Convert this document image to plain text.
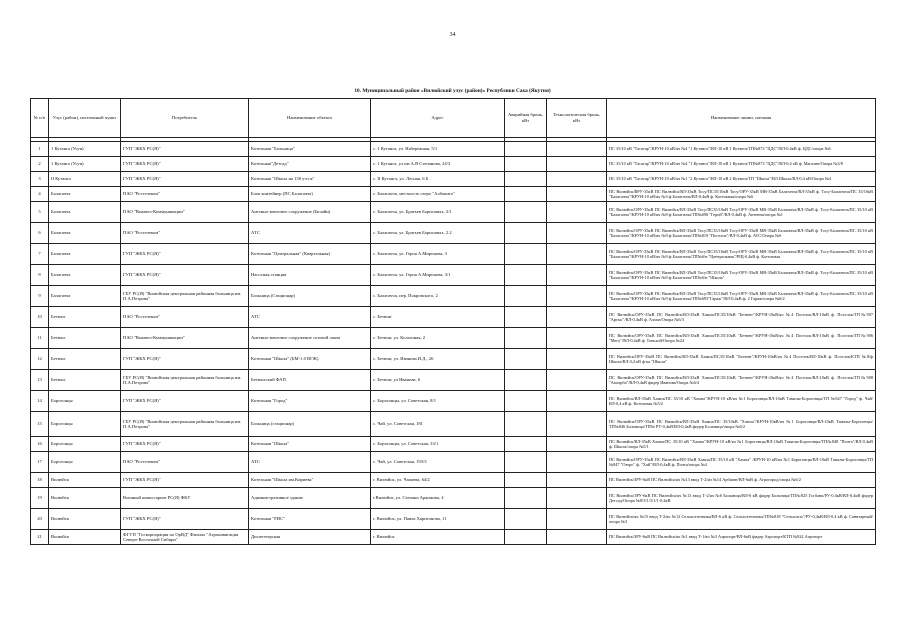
34
10. Муниципальный район «Вилюйский улус (район)» Республики Саха (Якутия)
№ п/п	Улус (район), населенный пункт	Потребитель	Наименование объекта	Адрес	Аварийная бронь, кВт	Технологическая бронь, кВт	Наименование линии, питания

1	1 Кутанга (Усун)	ГУП "ЖКХ РС(Я)"	Котельная "Больница"	с. 1 Кутанга, ул. Набережная, 5/1			ПС 35/10 кВ "Тасагар"/КРУН-10 кВ/яч №4 "1 Кутанга"/ВЛ-10 кВ 1 Кутанга/ТП№873 "ЦДС"/ВЛ-0,4кВ ф. ЦДС/опора №6
2	1 Кутанга (Усун)	ГУП "ЖКХ РС(Я)"	Котельная"Детсад"	с. 1 Кутанга, ул им А.В Степанова, 24/3			ПС 35/10 кВ "Тасагар"/КРУН-10 кВ/яч №4 "1 Кутанга"/ВЛ-10 кВ 1 Кутанга/ТП№873 "ЦДС"/ВЛ-0,4 кВ ф. Магазин/Опора №3/8
3	II Кутанга	ГУП "ЖКХ РС(Я)"	Котельная "Школа на 130 уч-ся"	с. II Кутанга, ул. Лесная, 6 Б			ПС 35/10 кВ "Тасагар"/КРУН-10 кВ/яч №1 "2 Кутанга"/ВЛ-10 кВ 2 Кутанга/ТП "Школа"/ВЛ Школа/ВЛ-0,4 кВ/Опора №4
4	Балагачча	ПАО "Ростелеком"	Блок контейнер (ПС Балагачча)	с. Балагачча, местность озеро "Албакито"			ПС Вилюйск/ВРУ-35кВ ПС Вилюйск/ВЛ-35кВ Тосу/ПС35/10кВ Тосу/ОРУ-35кВ МВ-35кВ Балагачча/ВЛ-35кВ ф. Тосу-Балагачча/ПС 35/10кВ "Балагачча"/КРУН-10 кВ/яч №3 ф Балагачча/ВЛ-0,4кВ ф. Котельная/опора №6
5	Балагачча	ПАО "Вымпел-Коммуникации"	Антенно-мачтовое сооружение (Билайн)	с. Балагачча, ул. Братьев Борисовых, 2/1			ПС Вилюйск/ОРУ-35кВ ПС Вилюйск/ВЛ-35кВ Тосу/ПС35/10кВ Тосу/ОРУ-35кВ МВ-35кВ Балагачча/ВЛ-35кВ ф. Тосу-Балагачча/ПС 35/10 кВ "Балагачча"/КРУН-10 кВ/яч №9 ф Балагачча/ТП№690 "Герой"/ВЛ-0,4кВ ф. Антенна/опора №1
6	Балагачча	ПАО "Ростелеком"	АТС	с. Балагачча, ул. Братьев Борисовых, 2.2			ПС Вилюйск/ОРУ-35кВ ПС Вилюйск/ВЛ-35кВ Тосу/ПС35/10кВ Тосу/ОРУ-35кВ МВ-35кВ Балагачча/ВЛ-35кВ ф. Тосу-Балагачча/ПС 35/10 кВ "Балагачча"/КРУН-10 кВ/яч №9 ф Балагачча/ТП№819 "Поселок"/ВЛ-0,4кВ ф. АТС/Опора №6
7	Балагачча	ГУП "ЖКХ РС(Я)"	Котельная "Центральная" (Квартальная)	с. Балагачча, ул. Героя А.Миронова, 3			ПС Вилюйск/ОРУ-35кВ ПС Вилюйск/ВЛ-35кВ Тосу/ПС35/10кВ Тосу/ОРУ-35кВ МВ-35кВ Балагачча/ВЛ-35кВ ф. Тосу-Балагачча/ПС 35/10 кВ "Балагачча"/КРУН-10 кВ/яч №9 ф Балагачча/ТП№б/н "Центральная"/РЩ-0,4кВ ф. Котельная
8	Балагачча	ГУП "ЖКХ РС(Я)"	Насосная станция	с. Балагачча, ул. Героя А.Миронова, 3/1			ПС Вилюйск/ОРУ-35кВ ПС Вилюйск/ВЛ-35кВ Тосу/ПС35/10кВ Тосу/ОРУ-35кВ МВ-35кВ Балагачча/ВЛ-35кВ ф. Тосу-Балагачча/ПС 35/10 кВ "Балагачча"/КРУН-10 кВ/яч №9 ф Балагачча/ТП№б/н "Школа"
9	Балагачча	ГБУ РС(Я) "Вилюйская центральная районная больница им. П.А.Петрова"	Больница (Стационар)	с. Балагачча, пер. Покровского, 2			ПС Вилюйск/ОРУ-35кВ ПС Вилюйск/ВЛ-35кВ Тосу/ПС35/10кВ Тосу/ОРУ-35кВ МВ-35кВ Балагачча/ВЛ-35кВ ф. Тосу-Балагачча/ПС 35/10 кВ "Балагачча"/КРУН-10 кВ/яч №9 ф Балагачча/ТП№693"Гараж"/ВЛ-0,4кВ ф. 2 Гараж/опора №6/2
10	Бетюнг	ПАО "Ростелеком"	АТС	с. Бетюнг			ПС Вилюйск/ОРУ-35кВ ПС Вилюйск/ВЛ-35кВ Хампа/ПС35/10кВ "Бетюнг"/КРУН-10кВ/яч №4 Поселок/ВЛ-10кВ ф. Поселок/ТП№907 "Аргыс"/ВЛ-0,4кВ ф. Алмаз/Опора №6/3
11	Бетюнг	ПАО "Вымпел-Коммуникации"	Антенно-мачтовое сооружение сотовой связи	с. Бетюнг, ул. Колхозная, 2			ПС Вилюйск/ОРУ-35кВ ПС Вилюйск/ВЛ-35кВ Хампа/ПС35/10кВ "Бетюнг"/КРУН-10кВ/яч №4 Поселок/ВЛ-10кВ ф. Поселок/ТП№906 "Мегу"/ВЛ-0,4кВ ф. Тоньхой/Опора №24
12	Бетюнг	ГУП "ЖКХ РС(Я)"	Котельная "Школа" (БМ-1.0 ВГЖ)	с. Бетюнг, ул. Иванова И.Д., 26			ПС Вилюйск/ОРУ-35кВ ПС Вилюйск/ВЛ-35кВ Хампа/ПС35/10кВ "Бетюнг"/КРУН-10кВ/яч №4 Поселок/ВЛ-10кВ ф. Поселок/КТП №8/ф Школа/ВЛ-0,4 кВ ф-ка "Школа"
13	Бетюнг	ГБУ РС(Я) "Вилюйская центральная районная больница им. П.А.Петрова"	Бетюнгский ФАП	с. Бетюнг, ул Иванова, 6			ПС Вилюйск/ОРУ-35кВ ПС Вилюйск/ВЛ-35кВ Хампа/ПС35/10кВ "Бетюнг"/КРУН-10кВ/яч №4 Поселок/ВЛ-10кВ ф. Поселок/ТП№908 "Амгарба"/ВЛ-0,4кВ фидер Иванова/Опора №6/4
14	Борогонцы	ГУП "ЖКХ РС(Я)"	Котельная "Город"	с. Борогонцы, ул. Советская, 8/1			ПС Вилюйск/ВЛ-35кВ Хампа/ПС 35/10 кВ "Хампа"/КРУН-10 кВ/яч №1 Борогонцы/ВЛ-10кВ Тамалы-Борогонцы/ТП №847 "Город" ф. Чай/ВЛ-0,4 кВ ф. Котельная №5/2
15	Борогонцы	ГБУ РС(Я) "Вилюйская центральная районная больница им. П.А.Петрова"	Больница (стационар)	с. Чай, ул. Советская, 181			ПС Вилюйск/ОРУ-35кВ ПС Вилюйск/ВЛ-35кВ Хампа/ПС 35/10кВ "Хампа"/КРУН-10кВ/яч №1 Борогонцы/ВЛ-10кВ Тамалы-Борогонцы/ТП№846 Больница/ТП№ РУ-0,4кВ/ВЛ-0,4кВ фидер Больница/опора №6/2
16	Борогонцы	ГУП "ЖКХ РС(Я)"	Котельная "Школа"	с. Борогонцы, ул. Советская, 33/1			ПС Вилюйск/ВЛ-35кВ Хампа/ПС 35/10 кВ "Хампа"/КРУН-10 кВ/яч №1 Борогонцы/ВЛ-10кВ Тамалы-Борогонцы/ТП№848 "Почта"/ВЛ-0,4кВ ф. Школа/опора №5/1
17	Борогонцы	ПАО "Ростелеком"	АТС	с. Чай, ул. Советская, 193/3			ПС Вилюйск/ОРУ-35кВ ПС Вилюйск/ВЛ-35кВ Хампа/ПС 35/10 кВ "Хампа" /КРУН-10 кВ/яч №1 Борогонцы/ВЛ-10кВ Тамалы-Борогонцы/ТП №847 "Озеро" ф. "Хай"/ВЛ-0,4кВ ф. Почта/опора №4
18	Вилюйск	ГУП "ЖКХ РС(Я)"	Котельная "Школа им.Кириева"	г. Вилюйск, ул. Чапаева, 64/2			ПС Вилюйск/ЗРУ-6кВ ПС Вилюйск/яч №13 ввод Т-2/яч №14 Арбиавт/ВЛ-6кВ ф. Агрогород/опора №6/2
19	Вилюйск	Военный комиссариат РС(Я) ФКУ	Административное здание	г.Вилюйск, ул. Степана Аржакова, 4			ПС Вилюйск/ЗРУ-6кВ ПС Вилюйск/яч №13 ввод Т-2/яч №6 Больница/ВЛ-6 кВ фидер Больница/ТП№825 Госбанк/РУ-0,4кВ/ВЛ-0,4кВ фидер Детсад/Опора №8/3/1/3/1/1-0,4кВ
20	Вилюйск	ГУП "ЖКХ РС(Я)"	Котельная "РИС"	г. Вилюйск, ул. Павла Харитонова, 11			ПС Вилюйск/яч №15 ввод Т-2/яч №12 Сельхозтехника/ВЛ-6 кВ ф. Сельхозтехника/ТП№818 "Сельхозпо"/РУ-0,4кВ/ВЛ-0,4 кВ ф. Санитарный/опора №3
21	Вилюйск	ФГУП "Госкорпорация по ОрВД" Филиал "Аэронавигация Северо-Восточной Сибири"	Диспетчерская	г. Вилюйск			ПС Вилюйск/ЗРУ-6кВ ПС Вилюйск/яч №1 ввод Т-1/яч №3 Аэропорт/ВЛ-6кВ фидер Аэропорт/КТП №924 Аэропорт
